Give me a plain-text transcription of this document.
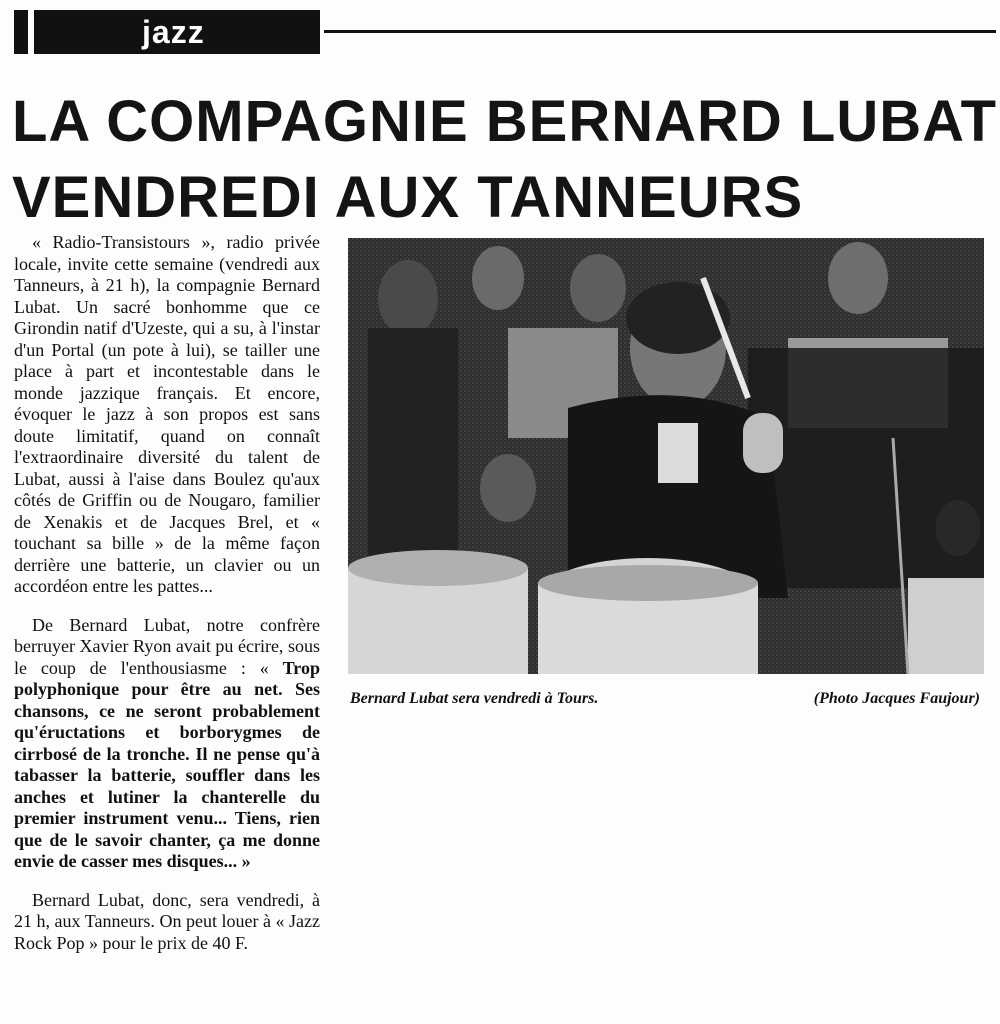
jazz
LA COMPAGNIE BERNARD LUBAT
VENDREDI AUX TANNEURS

« Radio-Transistours », radio privée locale, invite cette semaine (vendredi aux Tanneurs, à 21 h), la compagnie Bernard Lubat. Un sacré bonhomme que ce Girondin natif d'Uzeste, qui a su, à l'instar d'un Portal (un pote à lui), se tailler une place à part et incontestable dans le monde jazzique français. Et encore, évoquer le jazz à son propos est sans doute limitatif, quand on connaît l'extraordinaire diversité du talent de Lubat, aussi à l'aise dans Boulez qu'aux côtés de Griffin ou de Nougaro, familier de Xenakis et de Jacques Brel, et « touchant sa bille » de la même façon derrière une batterie, un clavier ou un accordéon entre les pattes...

De Bernard Lubat, notre confrère berruyer Xavier Ryon avait pu écrire, sous le coup de l'enthousiasme : « Trop polyphonique pour être au net. Ses chansons, ce ne seront probablement qu'éructations et borborygmes de cirrbosé de la tronche. Il ne pense qu'à tabasser la batterie, souffler dans les anches et lutiner la chanterelle du premier instrument venu... Tiens, rien que de le savoir chanter, ça me donne envie de casser mes disques... »

Bernard Lubat, donc, sera vendredi, à 21 h, aux Tanneurs. On peut louer à « Jazz Rock Pop » pour le prix de 40 F.

Bernard Lubat sera vendredi à Tours.	(Photo Jacques Faujour)
